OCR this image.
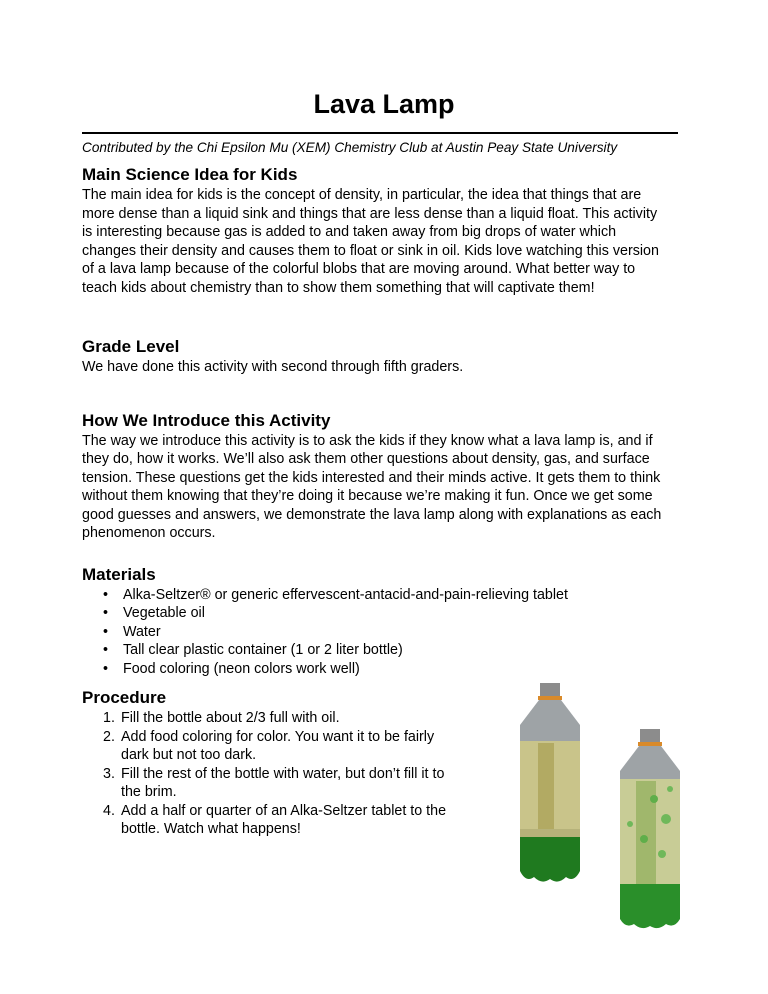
Lava Lamp
Contributed by the Chi Epsilon Mu (XEM) Chemistry Club at Austin Peay State University
Main Science Idea for Kids

The main idea for kids is the concept of density, in particular, the idea that things that are more dense than a liquid sink and things that are less dense than a liquid float. This activity is interesting because gas is added to and taken away from big drops of water which changes their density and causes them to float or sink in oil. Kids love watching this version of a lava lamp because of the colorful blobs that are moving around. What better way to teach kids about chemistry than to show them something that will captivate them!

Grade Level

We have done this activity with second through fifth graders.

How We Introduce this Activity

The way we introduce this activity is to ask the kids if they know what a lava lamp is, and if they do, how it works. We’ll also ask them other questions about density, gas, and surface tension. These questions get the kids interested and their minds active. It gets them to think without them knowing that they’re doing it because we’re making it fun. Once we get some good guesses and answers, we demonstrate the lava lamp along with explanations as each phenomenon occurs.

Materials
• Alka-Seltzer® or generic effervescent-antacid-and-pain-relieving tablet
• Vegetable oil
• Water
• Tall clear plastic container (1 or 2 liter bottle)
• Food coloring (neon colors work well)
Procedure
1. Fill the bottle about 2/3 full with oil.
2. Add food coloring for color. You want it to be fairly dark but not too dark.
3. Fill the rest of the bottle with water, but don’t fill it to the brim.
4. Add a half or quarter of an Alka-Seltzer tablet to the bottle. Watch what happens!
